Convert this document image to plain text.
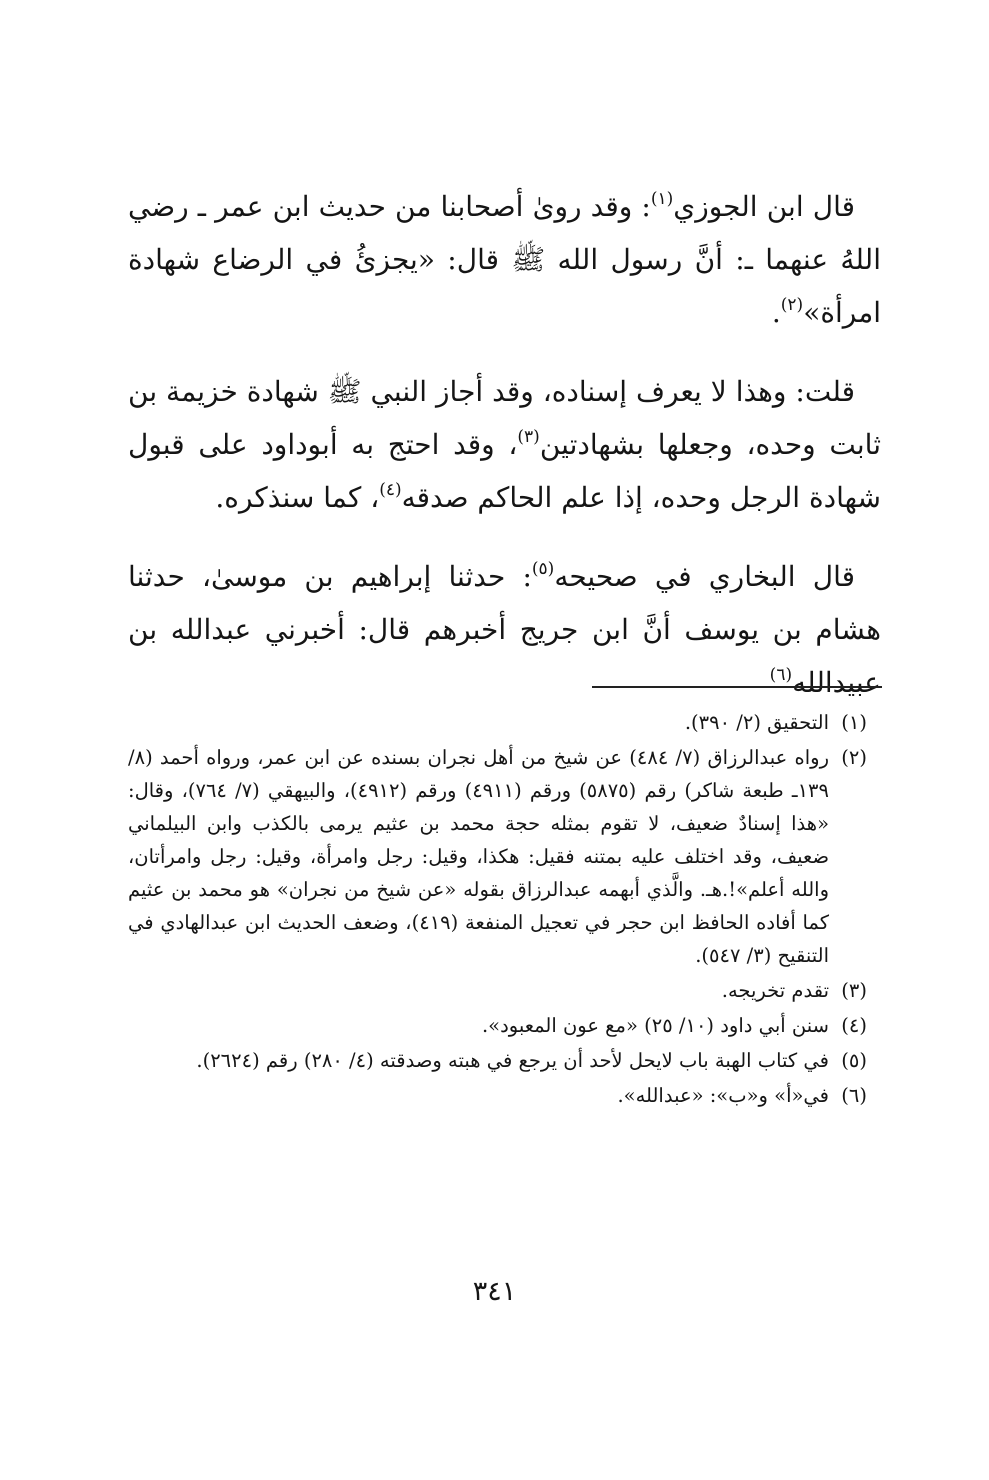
قال ابن الجوزي$^{(١)}$: وقد روىٰ أصحابنا من حديث ابن عمر ـ رضي اللهُ عنهما ـ: أنَّ رسول الله ﷺ قال: «يجزئُ في الرضاع شهادة امرأة»$^{(٢)}$.

قلت: وهذا لا يعرف إسناده، وقد أجاز النبي ﷺ شهادة خزيمة بن ثابت وحده، وجعلها بشهادتين$^{(٣)}$، وقد احتج به أبوداود على قبول شهادة الرجل وحده، إذا علم الحاكم صدقه$^{(٤)}$، كما سنذكره.

قال البخاري في صحيحه$^{(٥)}$: حدثنا إبراهيم بن موسىٰ، حدثنا هشام بن يوسف أنَّ ابن جريج أخبرهم قال: أخبرني عبدالله بن عبيدالله$^{(٦)}$

(١)
التحقيق (٢/ ٣٩٠).
(٢)
رواه عبدالرزاق (٧/ ٤٨٤) عن شيخ من أهل نجران بسنده عن ابن عمر، ورواه أحمد (٨/ ١٣٩ـ طبعة شاكر) رقم (٥٨٧٥) ورقم (٤٩١١) ورقم (٤٩١٢)، والبيهقي (٧/ ٧٦٤)، وقال: «هذا إسنادٌ ضعيف، لا تقوم بمثله حجة محمد بن عثيم يرمى بالكذب وابن البيلماني ضعيف، وقد اختلف عليه بمتنه فقيل: هكذا، وقيل: رجل وامرأة، وقيل: رجل وامرأتان، والله أعلم»!.هـ. والَّذي أبهمه عبدالرزاق بقوله «عن شيخ من نجران» هو محمد بن عثيم كما أفاده الحافظ ابن حجر في تعجيل المنفعة (٤١٩)، وضعف الحديث ابن عبدالهادي في التنقيح (٣/ ٥٤٧).
(٣)
تقدم تخريجه.
(٤)
سنن أبي داود (١٠/ ٢٥) «مع عون المعبود».
(٥)
في كتاب الهبة باب لايحل لأحد أن يرجع في هبته وصدقته (٤/ ٢٨٠) رقم (٢٦٢٤).
(٦)
في«أ» و«ب»: «عبدالله».
٣٤١
